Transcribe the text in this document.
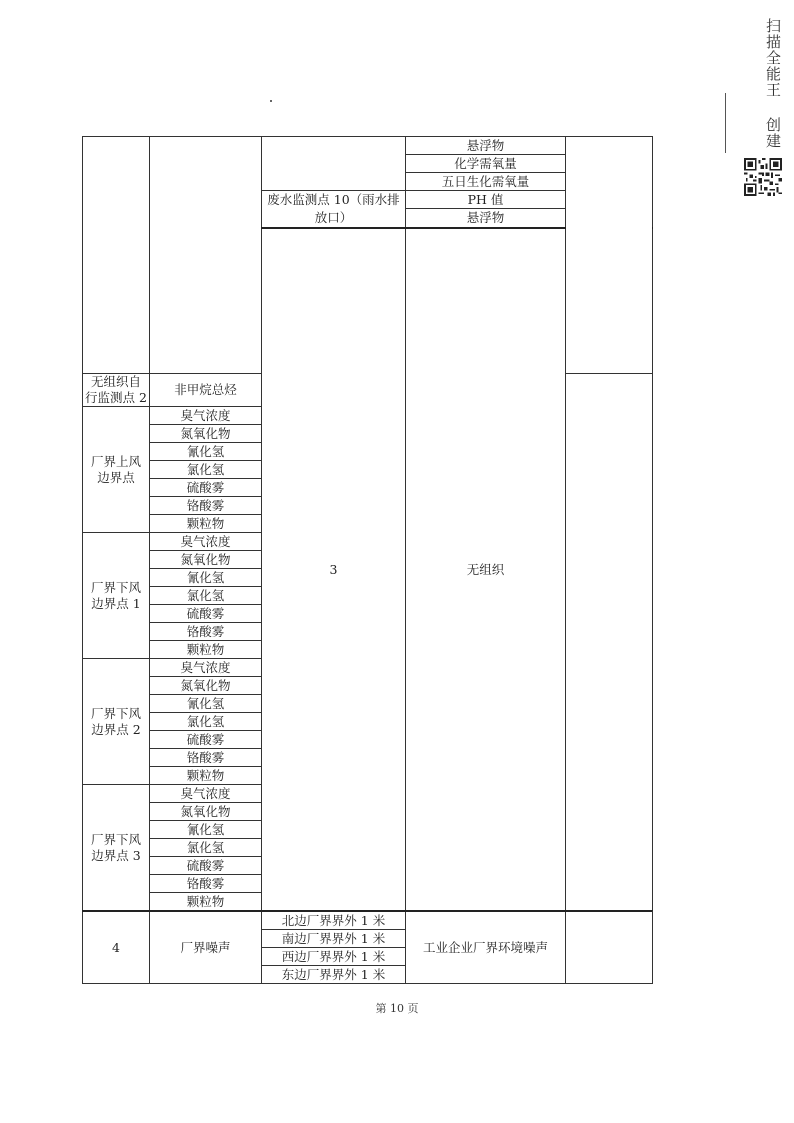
扫描全能王 创建
			悬浮物		
			化学需氧量		
			五日生化需氧量		
		废水监测点 10（雨水排放口）	PH 值		
			悬浮物		
		3	无组织			
无组织自行监测点 2	非甲烷总烃				
厂界上风边界点	臭气浓度				
	氮氧化物				
	氰化氢				
	氯化氢				
	硫酸雾				
	铬酸雾				
	颗粒物				
厂界下风边界点 1	臭气浓度				
	氮氧化物				
	氰化氢				
	氯化氢				
	硫酸雾				
	铬酸雾				
	颗粒物				
厂界下风边界点 2	臭气浓度				
	氮氧化物				
	氰化氢				
	氯化氢				
	硫酸雾				
	铬酸雾				
	颗粒物				
厂界下风边界点 3	臭气浓度				
	氮氧化物				
	氰化氢				
	氯化氢				
	硫酸雾				
	铬酸雾				
	颗粒物				
4	厂界噪声	北边厂界界外 1 米	工业企业厂界环境噪声		
		南边厂界界外 1 米			
		西边厂界界外 1 米			
		东边厂界界外 1 米			
第 10 页
